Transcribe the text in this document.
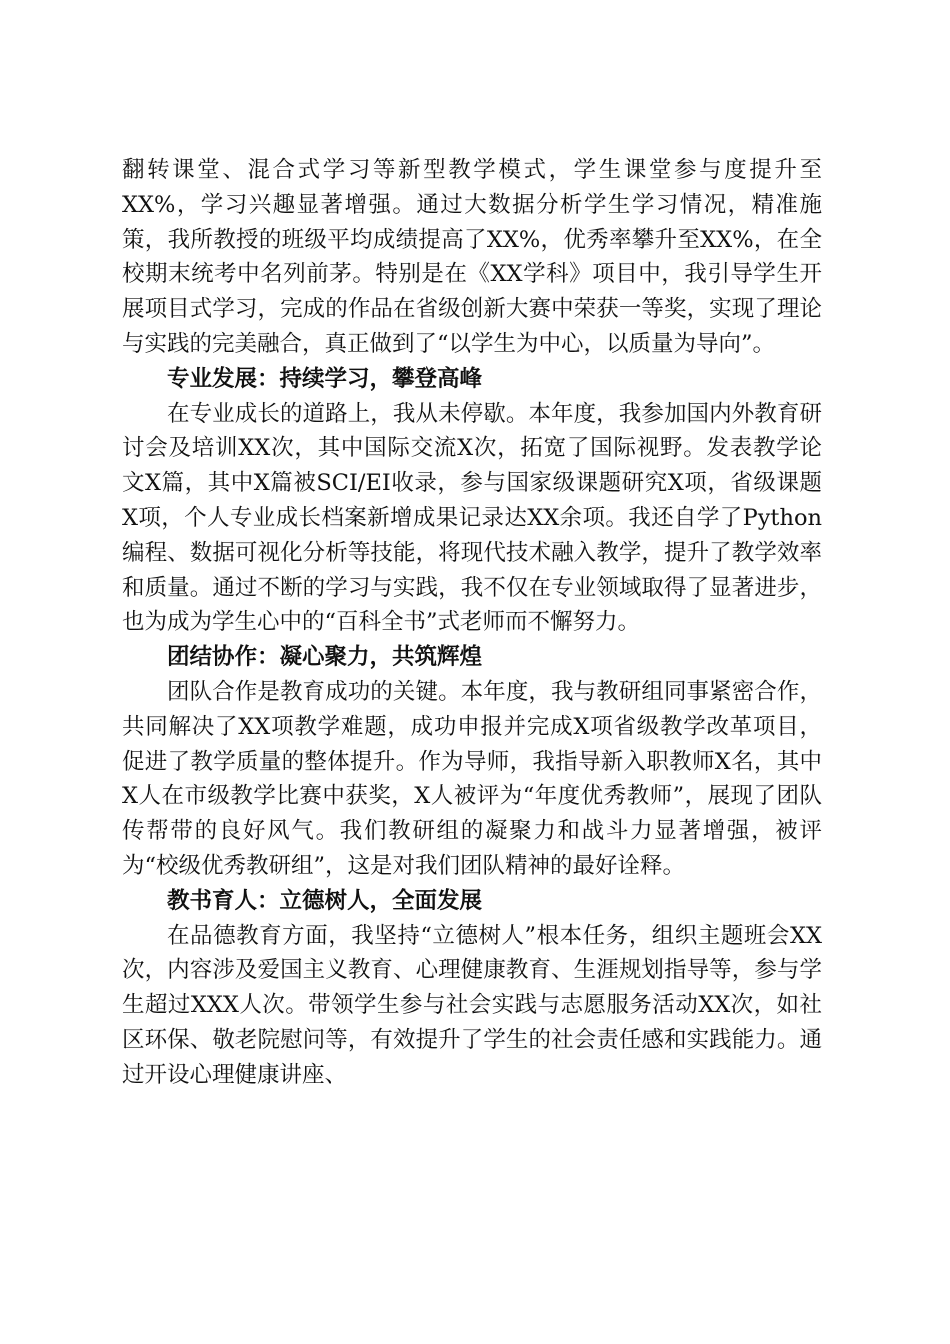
翻转课堂、混合式学习等新型教学模式，学生课堂参与度提升至XX%，学习兴趣显著增强。通过大数据分析学生学习情况，精准施策，我所教授的班级平均成绩提高了XX%，优秀率攀升至XX%，在全校期末统考中名列前茅。特别是在《XX学科》项目中，我引导学生开展项目式学习，完成的作品在省级创新大赛中荣获一等奖，实现了理论与实践的完美融合，真正做到了“以学生为中心，以质量为导向”。

专业发展：持续学习，攀登高峰

在专业成长的道路上，我从未停歇。本年度，我参加国内外教育研讨会及培训XX次，其中国际交流X次，拓宽了国际视野。发表教学论文X篇，其中X篇被SCI/EI收录，参与国家级课题研究X项，省级课题X项，个人专业成长档案新增成果记录达XX余项。我还自学了Python编程、数据可视化分析等技能，将现代技术融入教学，提升了教学效率和质量。通过不断的学习与实践，我不仅在专业领域取得了显著进步，也为成为学生心中的“百科全书”式老师而不懈努力。

团结协作：凝心聚力，共筑辉煌

团队合作是教育成功的关键。本年度，我与教研组同事紧密合作，共同解决了XX项教学难题，成功申报并完成X项省级教学改革项目，促进了教学质量的整体提升。作为导师，我指导新入职教师X名，其中X人在市级教学比赛中获奖，X人被评为“年度优秀教师”，展现了团队传帮带的良好风气。我们教研组的凝聚力和战斗力显著增强，被评为“校级优秀教研组”，这是对我们团队精神的最好诠释。

教书育人：立德树人，全面发展

在品德教育方面，我坚持“立德树人”根本任务，组织主题班会XX次，内容涉及爱国主义教育、心理健康教育、生涯规划指导等，参与学生超过XXX人次。带领学生参与社会实践与志愿服务活动XX次，如社区环保、敬老院慰问等，有效提升了学生的社会责任感和实践能力。通过开设心理健康讲座、
